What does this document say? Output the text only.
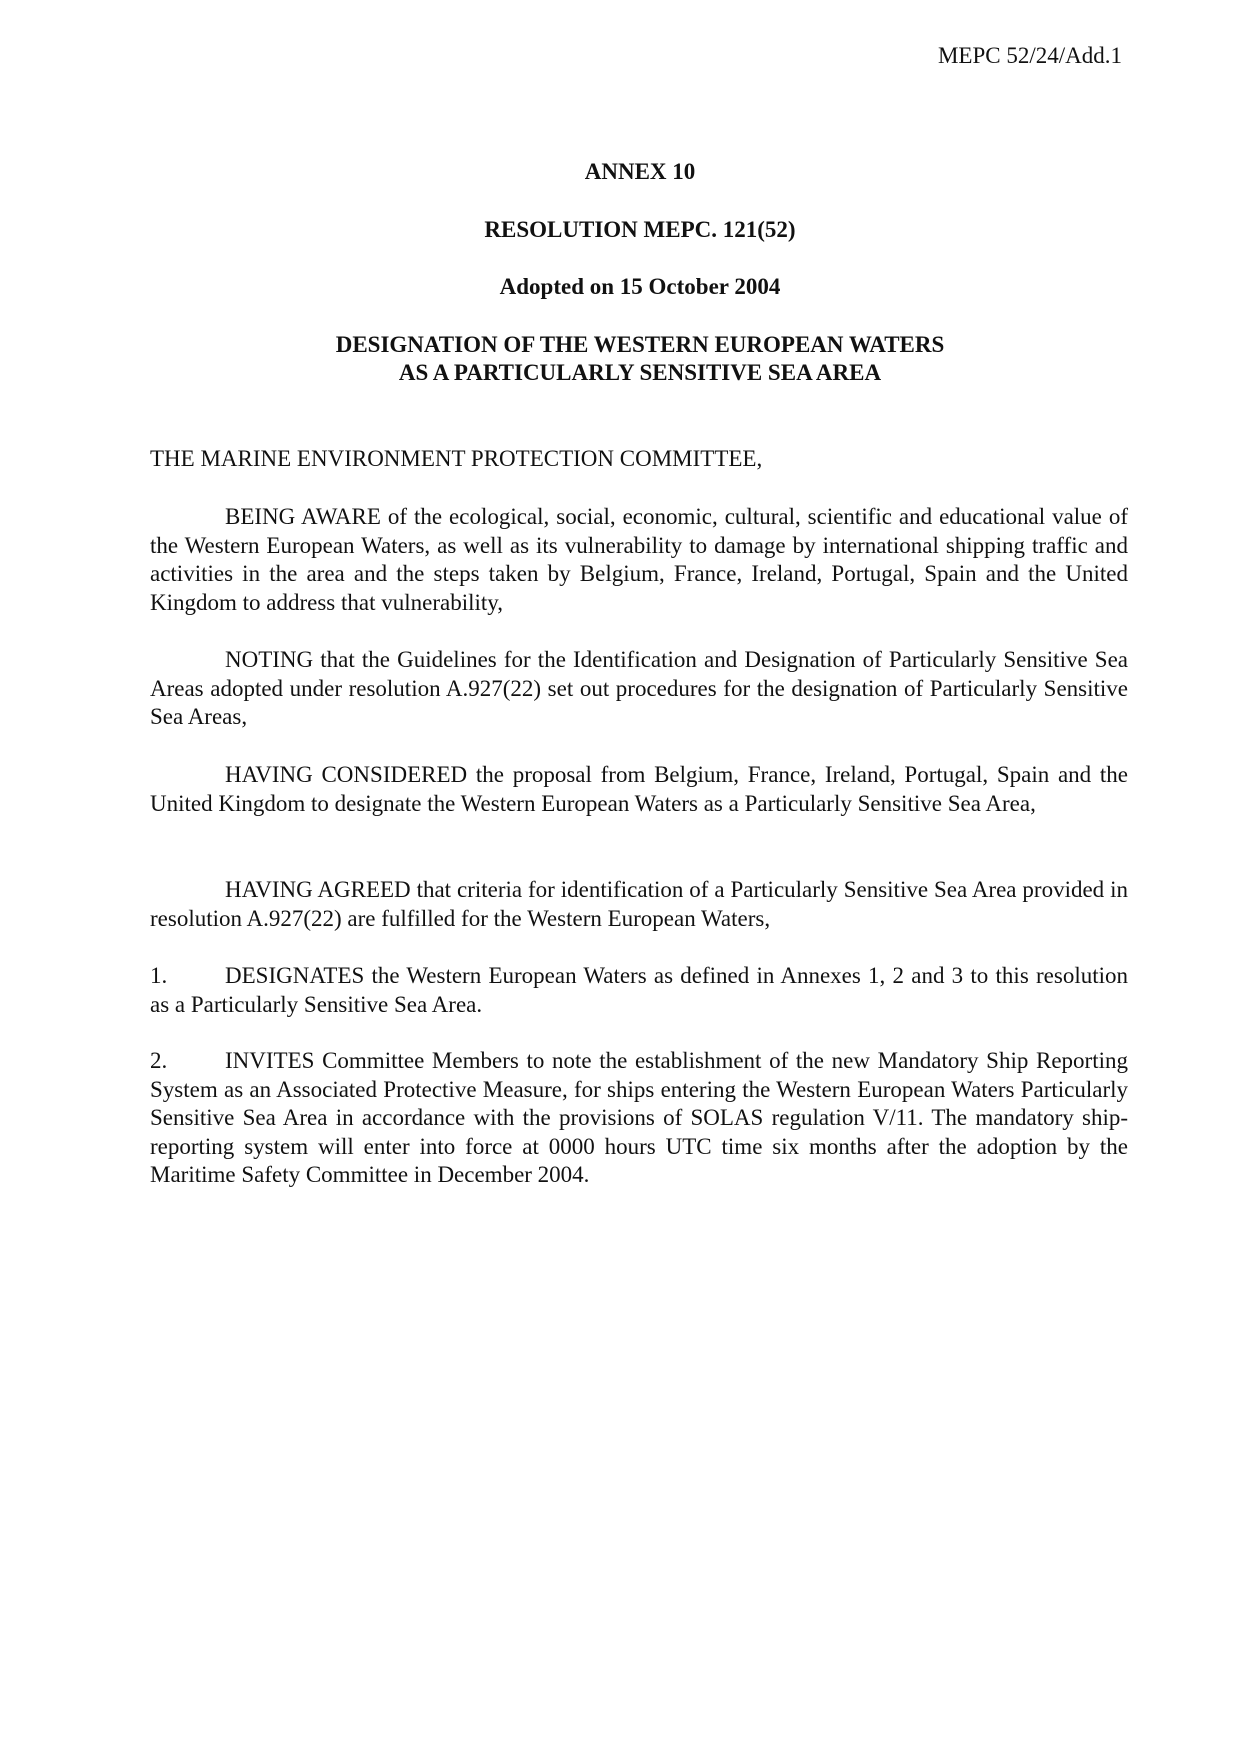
MEPC 52/24/Add.1
ANNEX 10
RESOLUTION MEPC. 121(52)
Adopted on 15 October 2004
DESIGNATION OF THE WESTERN EUROPEAN WATERS
AS A PARTICULARLY SENSITIVE SEA AREA
THE MARINE ENVIRONMENT PROTECTION COMMITTEE,
BEING AWARE of the ecological, social, economic, cultural, scientific and educational value of the Western European Waters, as well as its vulnerability to damage by international shipping traffic and activities in the area and the steps taken by Belgium, France, Ireland, Portugal, Spain and the United Kingdom to address that vulnerability,
NOTING that the Guidelines for the Identification and Designation of Particularly Sensitive Sea Areas adopted under resolution A.927(22) set out procedures for the designation of Particularly Sensitive Sea Areas,
HAVING CONSIDERED the proposal from Belgium, France, Ireland, Portugal, Spain and the United Kingdom to designate the Western European Waters as a Particularly Sensitive Sea Area,
HAVING AGREED that criteria for identification of a Particularly Sensitive Sea Area provided in resolution A.927(22) are fulfilled for the Western European Waters,
1.	DESIGNATES the Western European Waters as defined in Annexes 1, 2 and 3 to this resolution as a Particularly Sensitive Sea Area.
2.	INVITES Committee Members to note the establishment of the new Mandatory Ship Reporting System as an Associated Protective Measure, for ships entering the Western European Waters Particularly Sensitive Sea Area in accordance with the provisions of SOLAS regulation V/11. The mandatory ship-reporting system will enter into force at 0000 hours UTC time six months after the adoption by the Maritime Safety Committee in December 2004.
